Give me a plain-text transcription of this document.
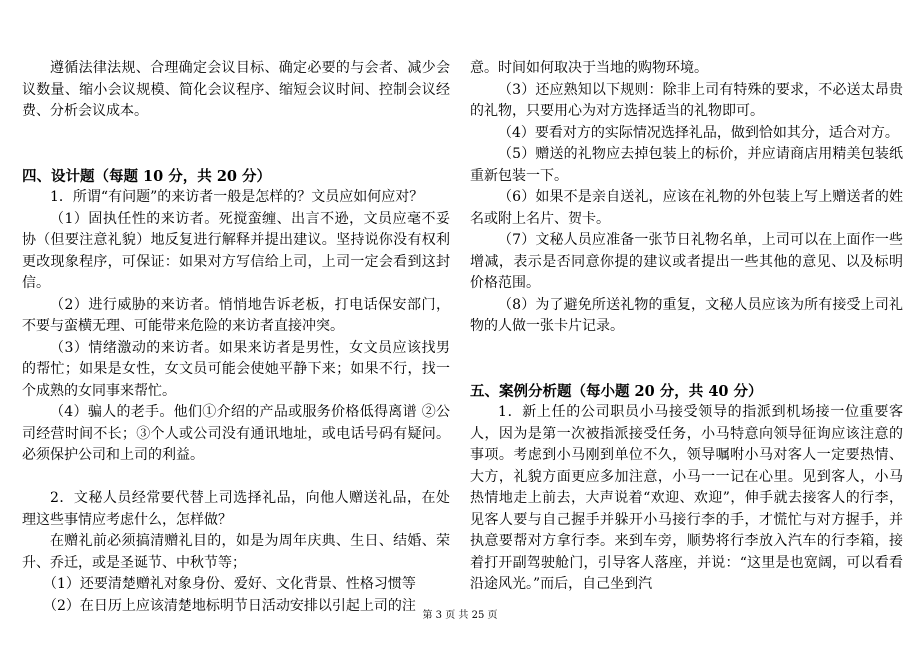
遵循法律法规、合理确定会议目标、确定必要的与会者、减少会议数量、缩小会议规模、简化会议程序、缩短会议时间、控制会议经费、分析会议成本。

四、设计题（每题 10 分，共 20 分）

1．所谓“有问题”的来访者一般是怎样的？文员应如何应对？

（1）固执任性的来访者。死搅蛮缠、出言不逊，文员应毫不妥协（但要注意礼貌）地反复进行解释并提出建议。坚持说你没有权利更改现象程序，可保证：如果对方写信给上司，上司一定会看到这封信。

（2）进行威胁的来访者。悄悄地告诉老板，打电话保安部门，不要与蛮横无理、可能带来危险的来访者直接冲突。

（3）情绪激动的来访者。如果来访者是男性，女文员应该找男的帮忙；如果是女性，女文员可能会使她平静下来；如果不行，找一个成熟的女同事来帮忙。

（4）骗人的老手。他们①介绍的产品或服务价格低得离谱 ②公司经营时间不长；③个人或公司没有通讯地址，或电话号码有疑问。必须保护公司和上司的利益。

2．文秘人员经常要代替上司选择礼品，向他人赠送礼品，在处理这些事情应考虑什么，怎样做？

在赠礼前必须搞清赠礼目的，如是为周年庆典、生日、结婚、荣升、乔迁，或是圣诞节、中秋节等；

（1）还要清楚赠礼对象身份、爱好、文化背景、性格习惯等

（2）在日历上应该清楚地标明节日活动安排以引起上司的注

意。时间如何取决于当地的购物环境。

（3）还应熟知以下规则：除非上司有特殊的要求，不必送太昂贵的礼物，只要用心为对方选择适当的礼物即可。

（4）要看对方的实际情况选择礼品，做到恰如其分，适合对方。

（5）赠送的礼物应去掉包装上的标价，并应请商店用精美包装纸重新包装一下。

（6）如果不是亲自送礼，应该在礼物的外包装上写上赠送者的姓名或附上名片、贺卡。

（7）文秘人员应准备一张节日礼物名单，上司可以在上面作一些增减，表示是否同意你提的建议或者提出一些其他的意见、以及标明价格范围。

（8）为了避免所送礼物的重复，文秘人员应该为所有接受上司礼物的人做一张卡片记录。

五、案例分析题（每小题 20 分，共 40 分）

1．新上任的公司职员小马接受领导的指派到机场接一位重要客人，因为是第一次被指派接受任务，小马特意向领导征询应该注意的事项。考虑到小马刚到单位不久，领导嘱咐小马对客人一定要热情、大方，礼貌方面更应多加注意，小马一一记在心里。见到客人，小马热情地走上前去，大声说着“欢迎、欢迎”，伸手就去接客人的行李，见客人要与自己握手并躲开小马接行李的手，才慌忙与对方握手，并执意要帮对方拿行李。来到车旁，顺势将行李放入汽车的行李箱，接着打开副驾驶舱门，引导客人落座，并说：“这里是也宽阔，可以看看沿途风光。”而后，自己坐到汽

第 3 页 共 25 页
